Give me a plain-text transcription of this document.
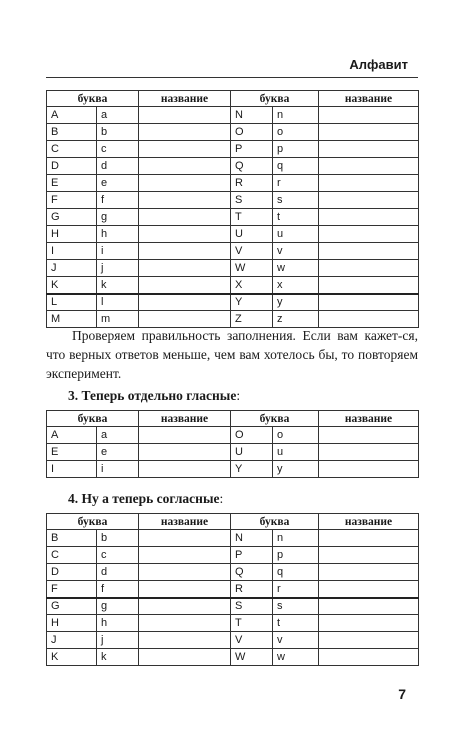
Алфавит
буква		название	буква		название
A	a		N	n	
B	b		O	o	
C	c		P	p	
D	d		Q	q	
E	e		R	r	
F	f		S	s	
G	g		T	t	
H	h		U	u	
I	i		V	v	
J	j		W	w	
K	k		X	x	
L	l		Y	y	
M	m		Z	z	

Проверяем правильность заполнения. Если вам кажет-ся, что верных ответов меньше, чем вам хотелось бы, то повторяем эксперимент.

3. Теперь отдельно гласные:
буква		название	буква		название
A	a		O	o	
E	e		U	u	
I	i		Y	y	
4. Ну а теперь согласные:
буква		название	буква		название
B	b		N	n	
C	c		P	p	
D	d		Q	q	
F	f		R	r	
G	g		S	s	
H	h		T	t	
J	j		V	v	
K	k		W	w	
7
